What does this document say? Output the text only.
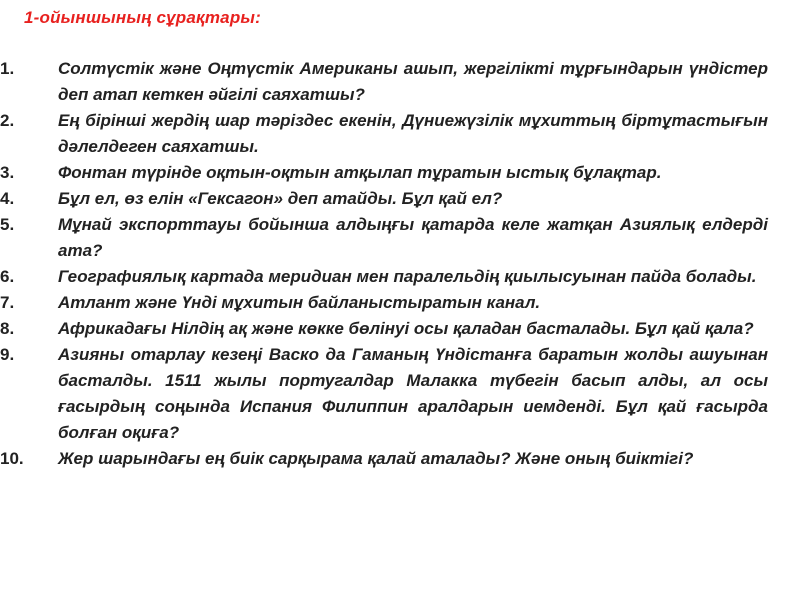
1-ойыншының сұрақтары:
1.	Солтүстік және Оңтүстік Американы ашып, жергілікті тұрғындарын үндістер деп атап кеткен әйгілі саяхатшы?
2.	Ең бірінші жердің шар тәріздес екенін, Дүниежүзілік мұхиттың біртұтастығын дәлелдеген саяхатшы.
3.	Фонтан түрінде оқтын-оқтын атқылап тұратын ыстық бұлақтар.
4.	Бұл ел, өз елін «Гексагон» деп атайды. Бұл қай ел?
5.	Мұнай экспорттауы бойынша алдыңғы қатарда келе жатқан Азиялық елдерді ата?
6.	Географиялық картада меридиан мен паралельдің қиылысуынан пайда болады.
7.	Атлант және Үнді мұхитын байланыстыратын канал.
8.	Африкадағы Нілдің ақ және көкке бөлінуі осы қаладан басталады. Бұл қай қала?
9.	Азияны отарлау кезеңі Васко да Гаманың Үндістанға баратын жолды ашуынан басталды. 1511 жылы португалдар Малакка түбегін басып алды, ал осы ғасырдың соңында Испания Филиппин аралдарын иемденді. Бұл қай ғасырда болған оқиға?
10.	Жер шарындағы ең биік сарқырама қалай аталады? Және оның биіктігі?
